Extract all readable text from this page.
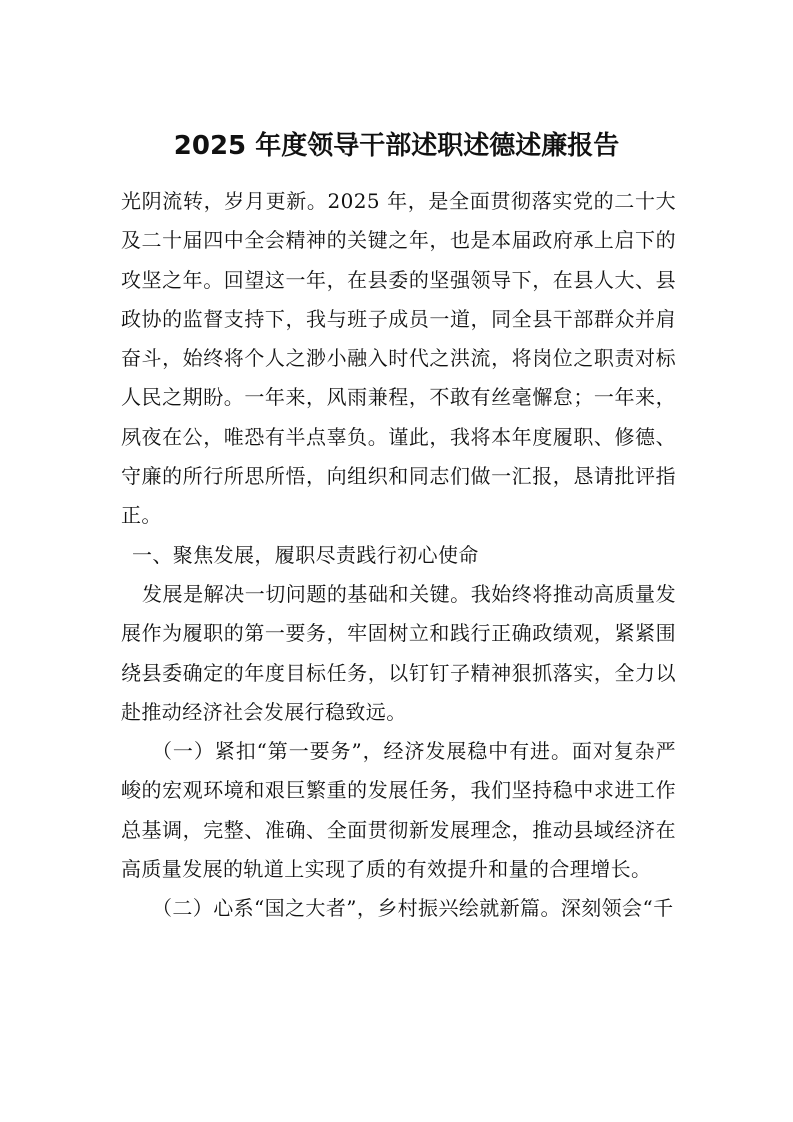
2025 年度领导干部述职述德述廉报告

光阴流转，岁月更新。2025 年，是全面贯彻落实党的二十大及二十届四中全会精神的关键之年，也是本届政府承上启下的攻坚之年。回望这一年，在县委的坚强领导下，在县人大、县政协的监督支持下，我与班子成员一道，同全县干部群众并肩奋斗，始终将个人之渺小融入时代之洪流，将岗位之职责对标人民之期盼。一年来，风雨兼程，不敢有丝毫懈怠；一年来，夙夜在公，唯恐有半点辜负。谨此，我将本年度履职、修德、守廉的所行所思所悟，向组织和同志们做一汇报，恳请批评指正。

一、聚焦发展，履职尽责践行初心使命

发展是解决一切问题的基础和关键。我始终将推动高质量发展作为履职的第一要务，牢固树立和践行正确政绩观，紧紧围绕县委确定的年度目标任务，以钉钉子精神狠抓落实，全力以赴推动经济社会发展行稳致远。

（一）紧扣“第一要务”，经济发展稳中有进。面对复杂严峻的宏观环境和艰巨繁重的发展任务，我们坚持稳中求进工作总基调，完整、准确、全面贯彻新发展理念，推动县域经济在高质量发展的轨道上实现了质的有效提升和量的合理增长。

（二）心系“国之大者”，乡村振兴绘就新篇。深刻领会“千
